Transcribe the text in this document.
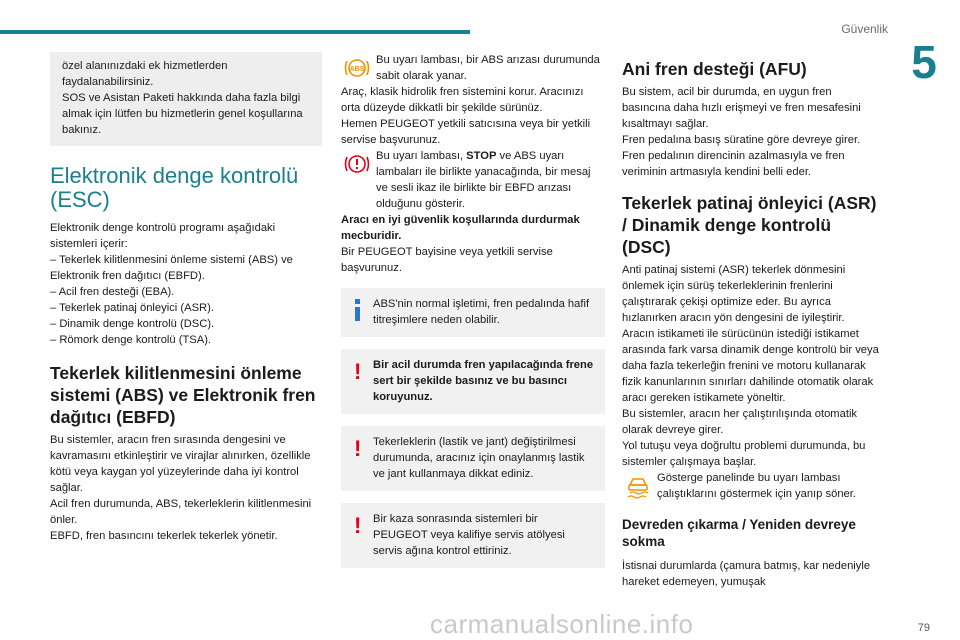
Güvenlik
5

özel alanınızdaki ek hizmetlerden faydalanabilirsiniz.
SOS ve Asistan Paketi hakkında daha fazla bilgi almak için lütfen bu hizmetlerin genel koşullarına bakınız.

Elektronik denge kontrolü (ESC)

Elektronik denge kontrolü programı aşağıdaki sistemleri içerir:
– Tekerlek kilitlenmesini önleme sistemi (ABS) ve Elektronik fren dağıtıcı (EBFD).
– Acil fren desteği (EBA).
– Tekerlek patinaj önleyici (ASR).
– Dinamik denge kontrolü (DSC).
– Römork denge kontrolü (TSA).

Tekerlek kilitlenmesini önleme sistemi (ABS) ve Elektronik fren dağıtıcı (EBFD)

Bu sistemler, aracın fren sırasında dengesini ve kavramasını etkinleştirir ve virajlar alınırken, özellikle kötü veya kaygan yol yüzeylerinde daha iyi kontrol sağlar.
Acil fren durumunda, ABS, tekerleklerin kilitlenmesini önler.
EBFD, fren basıncını tekerlek tekerlek yönetir.

ABS

Bu uyarı lambası, bir ABS arızası durumunda sabit olarak yanar.

Araç, klasik hidrolik fren sistemini korur. Aracınızı orta düzeyde dikkatli bir şekilde sürünüz.
Hemen PEUGEOT yetkili satıcısına veya bir yetkili servise başvurunuz.

Bu uyarı lambası, STOP ve ABS uyarı lambaları ile birlikte yanacağında, bir mesaj ve sesli ikaz ile birlikte bir EBFD arızası olduğunu gösterir.

Aracı en iyi güvenlik koşullarında durdurmak mecburidir.

Bir PEUGEOT bayisine veya yetkili servise başvurunuz.

ABS'nin normal işletimi, fren pedalında hafif titreşimlere neden olabilir.

!	Bir acil durumda fren yapılacağında frene sert bir şekilde basınız ve bu basıncı koruyunuz.

!	Tekerleklerin (lastik ve jant) değiştirilmesi durumunda, aracınız için onaylanmış lastik ve jant kullanmaya dikkat ediniz.

!	Bir kaza sonrasında sistemleri bir PEUGEOT veya kalifiye servis atölyesi servis ağına kontrol ettiriniz.

Ani fren desteği (AFU)

Bu sistem, acil bir durumda, en uygun fren basıncına daha hızlı erişmeyi ve fren mesafesini kısaltmayı sağlar.
Fren pedalına basış süratine göre devreye girer.
Fren pedalının direncinin azalmasıyla ve fren veriminin artmasıyla kendini belli eder.

Tekerlek patinaj önleyici (ASR) / Dinamik denge kontrolü (DSC)

Anti patinaj sistemi (ASR) tekerlek dönmesini önlemek için sürüş tekerleklerinin frenlerini çalıştırarak çekişi optimize eder. Bu ayrıca hızlanırken aracın yön dengesini de iyileştirir.
Aracın istikameti ile sürücünün istediği istikamet arasında fark varsa dinamik denge kontrolü bir veya daha fazla tekerleğin frenini ve motoru kullanarak fizik kanunlarının sınırları dahilinde otomatik olarak aracı gereken istikamete yöneltir.
Bu sistemler, aracın her çalıştırılışında otomatik olarak devreye girer.
Yol tutuşu veya doğrultu problemi durumunda, bu sistemler çalışmaya başlar.

Gösterge panelinde bu uyarı lambası çalıştıklarını göstermek için yanıp söner.

Devreden çıkarma / Yeniden devreye sokma

İstisnai durumlarda (çamura batmış, kar nedeniyle hareket edemeyen, yumuşak

carmanualsonline.info	79
